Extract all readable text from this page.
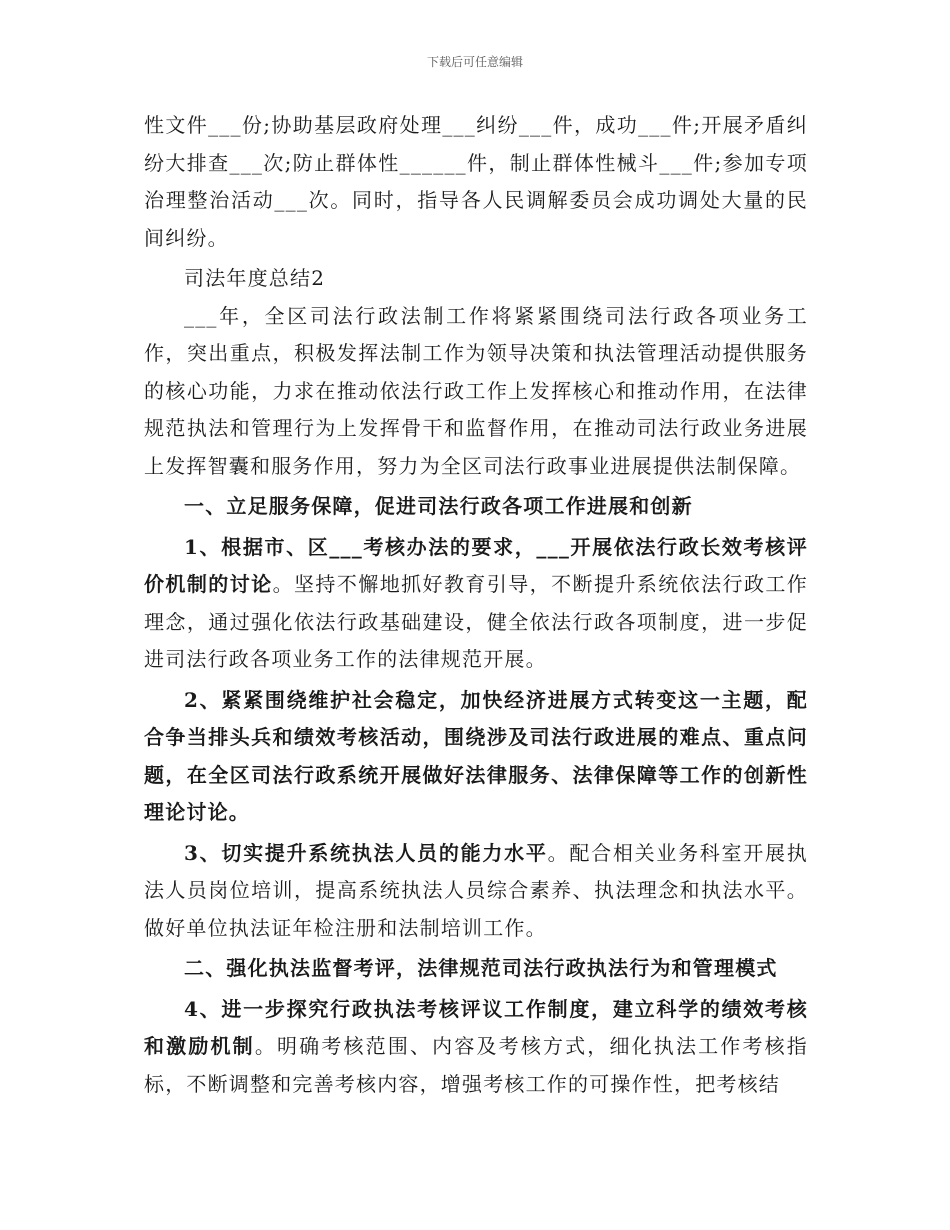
下载后可任意编辑

性文件___份;协助基层政府处理___纠纷___件，成功___件;开展矛盾纠纷大排查___次;防止群体性______件，制止群体性械斗___件;参加专项治理整治活动___次。同时，指导各人民调解委员会成功调处大量的民间纠纷。

司法年度总结2

___年，全区司法行政法制工作将紧紧围绕司法行政各项业务工作，突出重点，积极发挥法制工作为领导决策和执法管理活动提供服务的核心功能，力求在推动依法行政工作上发挥核心和推动作用，在法律规范执法和管理行为上发挥骨干和监督作用，在推动司法行政业务进展上发挥智囊和服务作用，努力为全区司法行政事业进展提供法制保障。

一、立足服务保障，促进司法行政各项工作进展和创新

1、根据市、区___考核办法的要求，___开展依法行政长效考核评价机制的讨论。坚持不懈地抓好教育引导，不断提升系统依法行政工作理念，通过强化依法行政基础建设，健全依法行政各项制度，进一步促进司法行政各项业务工作的法律规范开展。

2、紧紧围绕维护社会稳定，加快经济进展方式转变这一主题，配合争当排头兵和绩效考核活动，围绕涉及司法行政进展的难点、重点问题，在全区司法行政系统开展做好法律服务、法律保障等工作的创新性理论讨论。

3、切实提升系统执法人员的能力水平。配合相关业务科室开展执法人员岗位培训，提高系统执法人员综合素养、执法理念和执法水平。做好单位执法证年检注册和法制培训工作。

二、强化执法监督考评，法律规范司法行政执法行为和管理模式

4、进一步探究行政执法考核评议工作制度，建立科学的绩效考核和激励机制。明确考核范围、内容及考核方式，细化执法工作考核指标，不断调整和完善考核内容，增强考核工作的可操作性，把考核结
